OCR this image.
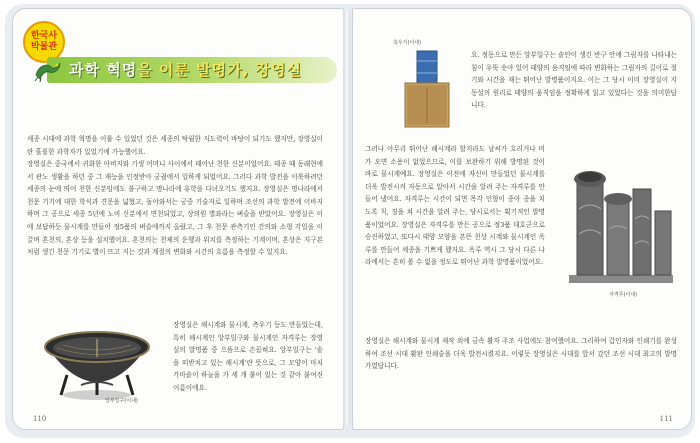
한국사
박물관
과학 혁명을 이룬 발명가, 장영실

세종 시대에 과학 혁명을 이룰 수 있었던 것은 세종의 탁월한 지도력이 바탕이 되기도 했지만, 장영실이란 훌륭한 과학자가 있었기에 가능했어요.

장영실은 중국에서 귀화한 아버지와 기생 어머니 사이에서 태어난 천한 신분이었어요. 태종 때 동래현에서 관노 생활을 하던 중 그 재능을 인정받아 궁궐에서 일하게 되었어요. 그러다 과학 발전을 이룩하려던 세종의 눈에 띄어 천한 신분임에도 불구하고 명나라에 유학을 다녀오기도 했지요. 장영실은 명나라에서 천문 기기에 대한 학식과 견문을 넓혔고, 돌아와서는 궁중 기술자로 일하며 조선의 과학 발전에 이바지하며 그 공으로 세종 5년에 노비 신분에서 면천되었고, 상의원 별좌라는 벼슬을 받았어요. 장영실은 이에 보답하듯 물시계를 만들어 정5품의 벼슬에까지 올랐고, 그 후 천문 관측기인 간의와 소형 각일을 이끌며 혼천의, 혼상 등을 설치했어요. 혼천의는 천체의 운행과 위치를 측정하는 기계이며, 혼상은 지구본처럼 생긴 천문 기기로 별이 뜨고 지는 것과 계절의 변화와 시간의 흐름을 측정할 수 있지요.

앙부일구(이내)

장영실은 해시계와 물시계, 측우기 등도 만들었는데, 특히 해시계인 앙부일구와 물시계인 자격루는 장영실의 발명품 중 으뜸으로 손꼽혀요. 앙부일구는 '솥을 떠받치고 있는 해시계'란 뜻으로, 그 모양이 마치 가마솥이 하늘을 가 세 개 붙어 있는 것 같아 붙여진 이름이에요.

110
측우기(이내)

요. 정동으로 만든 앙부일구는 솥안이 생긴 반구 안에 그림자를 나타내는 침이 우뚝 솟아 있어 태양의 움직임에 따라 변화하는 그림자의 길이로 절기와 시간을 재는 뛰어난 발명품이지요. 이는 그 당시 이미 장영실이 지동설의 원리로 태양의 움직임을 정확하게 읽고 있었다는 것을 의미한답니다.

그러나 아무리 뛰어난 해시계라 할지라도 날씨가 흐리거나 비가 오면 소용이 없었으므로, 이를 보완하기 위해 발명된 것이 바로 물시계예요. 장영실은 이전에 자신이 만들었던 물시계를 더욱 발전시켜 자동으로 알아서 시간을 알려 주는 자격루를 만들어 냈어요. 자격루는 시간이 되면 목각 인형이 종아 종을 치도록 칙, 징을 쳐 시간을 알려 주는, 당시로서는 획기적인 발명품이었어요. 장영실은 자격루를 만든 공으로 정3품 대호군으로 승진하였고, 또다시 태양 모양을 본뜬 천상 시계와 물시계인 옥루를 만들어 세종을 기쁘게 했지요. 옥루 역시 그 당시 다른 나라에서는 흔히 볼 수 없을 정도로 뛰어난 과학 발명품이었어요.

자격루(이내)

장영실은 해시계와 물시계 제작 외에 금속 활자 주조 사업에도 참여했어요. 그리하여 갑인자와 인쇄기를 완성하여 조선 시대 활판 인쇄술을 더욱 발전시켰지요. 이렇듯 장영실은 시대를 앞서 갔던 조선 시대 최고의 발명가였답니다.

111
